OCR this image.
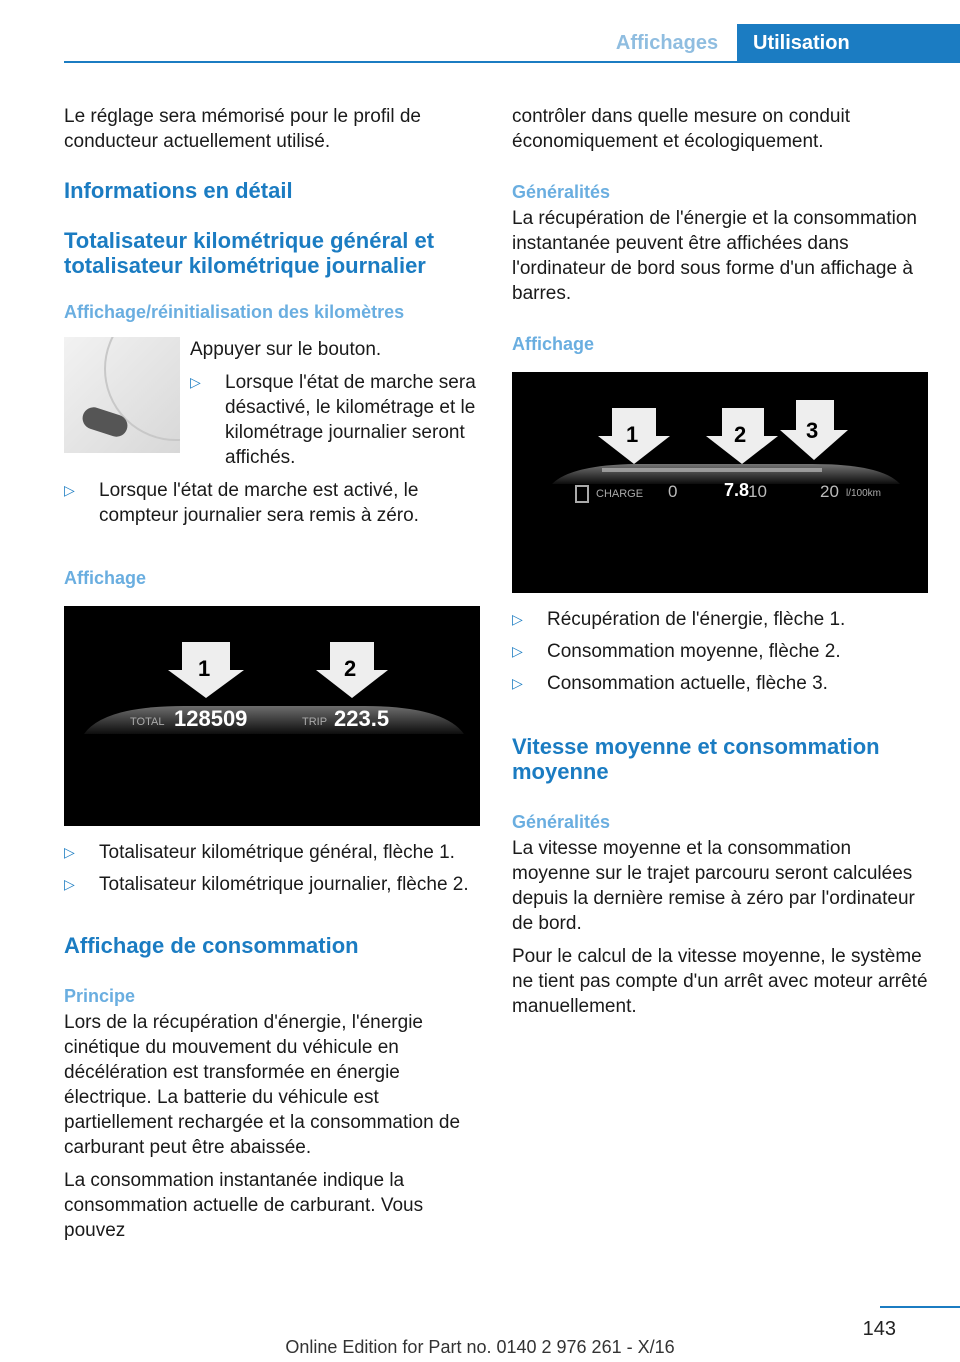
Affichages	Utilisation

Le réglage sera mémorisé pour le profil de conducteur actuellement utilisé.

Informations en détail
Totalisateur kilométrique général et totalisateur kilométrique journalier
Affichage/réinitialisation des kilomètres

Appuyer sur le bouton.

▷	Lorsque l'état de marche sera désactivé, le kilométrage et le kilométrage journalier seront affichés.
▷	Lorsque l'état de marche est activé, le compteur journalier sera remis à zéro.
Affichage
1	2
TOTAL 128509	TRIP 223.5
▷	Totalisateur kilométrique général, flèche 1.
▷	Totalisateur kilométrique journalier, flèche 2.
Affichage de consommation
Principe

Lors de la récupération d'énergie, l'énergie cinétique du mouvement du véhicule en décélération est transformée en énergie électrique. La batterie du véhicule est partiellement rechargée et la consommation de carburant peut être abaissée.

La consommation instantanée indique la consommation actuelle de carburant. Vous pouvez

contrôler dans quelle mesure on conduit économiquement et écologiquement.

Généralités

La récupération de l'énergie et la consommation instantanée peuvent être affichées dans l'ordinateur de bord sous forme d'un affichage à barres.

Affichage
1	2	3
CHARGE 0	7.8
10	20 l/100km
▷	Récupération de l'énergie, flèche 1.
▷	Consommation moyenne, flèche 2.
▷	Consommation actuelle, flèche 3.
Vitesse moyenne et consommation moyenne
Généralités

La vitesse moyenne et la consommation moyenne sur le trajet parcouru seront calculées depuis la dernière remise à zéro par l'ordinateur de bord.

Pour le calcul de la vitesse moyenne, le système ne tient pas compte d'un arrêt avec moteur arrêté manuellement.

143
Online Edition for Part no. 0140 2 976 261 - X/16
